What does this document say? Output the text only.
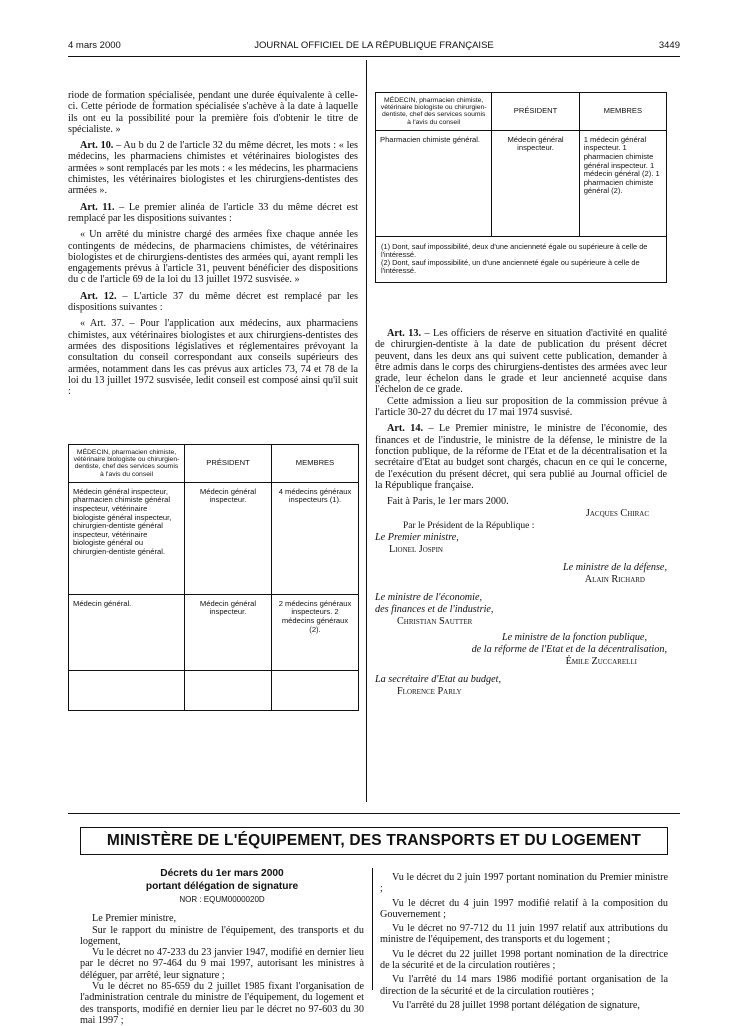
4 mars 2000	JOURNAL OFFICIEL DE LA RÉPUBLIQUE FRANÇAISE	3449

riode de formation spécialisée, pendant une durée équivalente à celle-ci. Cette période de formation spécialisée s'achève à la date à laquelle ils ont eu la possibilité pour la première fois d'obtenir le titre de spécialiste. »

Art. 10. – Au b du 2 de l'article 32 du même décret, les mots : « les médecins, les pharmaciens chimistes et vétérinaires biologistes des armées » sont remplacés par les mots : « les médecins, les pharmaciens chimistes, les vétérinaires biologistes et les chirurgiens-dentistes des armées ».

Art. 11. – Le premier alinéa de l'article 33 du même décret est remplacé par les dispositions suivantes :

« Un arrêté du ministre chargé des armées fixe chaque année les contingents de médecins, de pharmaciens chimistes, de vétérinaires biologistes et de chirurgiens-dentistes des armées qui, ayant rempli les engagements prévus à l'article 31, peuvent bénéficier des dispositions du c de l'article 69 de la loi du 13 juillet 1972 susvisée. »

Art. 12. – L'article 37 du même décret est remplacé par les dispositions suivantes :

« Art. 37. – Pour l'application aux médecins, aux pharmaciens chimistes, aux vétérinaires biologistes et aux chirurgiens-dentistes des armées des dispositions législatives et réglementaires prévoyant la consultation du conseil correspondant aux conseils supérieurs des armées, notamment dans les cas prévus aux articles 73, 74 et 78 de la loi du 13 juillet 1972 susvisée, ledit conseil est composé ainsi qu'il suit :

MÉDECIN, pharmacien chimiste, vétérinaire biologiste ou chirurgien-dentiste, chef des services soumis à l'avis du conseil	PRÉSIDENT	MEMBRES
Médecin général inspecteur, pharmacien chimiste général inspecteur, vétérinaire biologiste général inspecteur, chirurgien-dentiste général inspecteur, vétérinaire biologiste général ou chirurgien-dentiste général.	Médecin général inspecteur.	4 médecins généraux inspecteurs (1).
Médecin général.	Médecin général inspecteur.	2 médecins généraux inspecteurs. 2 médecins généraux (2).

MÉDECIN, pharmacien chimiste, vétérinaire biologiste ou chirurgien-dentiste, chef des services soumis à l'avis du conseil	PRÉSIDENT	MEMBRES
Pharmacien chimiste général.	Médecin général inspecteur.	1 médecin général inspecteur. 1 pharmacien chimiste général inspecteur. 1 médecin général (2). 1 pharmacien chimiste général (2).
(1) Dont, sauf impossibilité, deux d'une ancienneté égale ou supérieure à celle de l'intéressé.
(2) Dont, sauf impossibilité, un d'une ancienneté égale ou supérieure à celle de l'intéressé.

Art. 13. – Les officiers de réserve en situation d'activité en qualité de chirurgien-dentiste à la date de publication du présent décret peuvent, dans les deux ans qui suivent cette publication, demander à être admis dans le corps des chirurgiens-dentistes des armées avec leur grade, leur échelon dans le grade et leur ancienneté acquise dans l'échelon de ce grade.

Cette admission a lieu sur proposition de la commission prévue à l'article 30-27 du décret du 17 mai 1974 susvisé.

Art. 14. – Le Premier ministre, le ministre de l'économie, des finances et de l'industrie, le ministre de la défense, le ministre de la fonction publique, de la réforme de l'Etat et de la décentralisation et la secrétaire d'Etat au budget sont chargés, chacun en ce qui le concerne, de l'exécution du présent décret, qui sera publié au Journal officiel de la République française.

Fait à Paris, le 1er mars 2000.
Jacques Chirac
Par le Président de la République :
Le Premier ministre,
Lionel Jospin
Le ministre de la défense,
Alain Richard
Le ministre de l'économie,
des finances et de l'industrie,
Christian Sautter
Le ministre de la fonction publique,
de la réforme de l'Etat et de la décentralisation,
Émile Zuccarelli
La secrétaire d'Etat au budget,
Florence Parly
MINISTÈRE DE L'ÉQUIPEMENT, DES TRANSPORTS ET DU LOGEMENT
Décrets du 1er mars 2000
portant délégation de signature
NOR : EQUM0000020D

Le Premier ministre,

Sur le rapport du ministre de l'équipement, des transports et du logement,

Vu le décret no 47-233 du 23 janvier 1947, modifié en dernier lieu par le décret no 97-464 du 9 mai 1997, autorisant les ministres à déléguer, par arrêté, leur signature ;

Vu le décret no 85-659 du 2 juillet 1985 fixant l'organisation de l'administration centrale du ministre de l'équipement, du logement et des transports, modifié en dernier lieu par le décret no 97-603 du 30 mai 1997 ;

Vu le décret du 2 juin 1997 portant nomination du Premier ministre ;

Vu le décret du 4 juin 1997 modifié relatif à la composition du Gouvernement ;

Vu le décret no 97-712 du 11 juin 1997 relatif aux attributions du ministre de l'équipement, des transports et du logement ;

Vu le décret du 22 juillet 1998 portant nomination de la directrice de la sécurité et de la circulation routières ;

Vu l'arrêté du 14 mars 1986 modifié portant organisation de la direction de la sécurité et de la circulation routières ;

Vu l'arrêté du 28 juillet 1998 portant délégation de signature,
